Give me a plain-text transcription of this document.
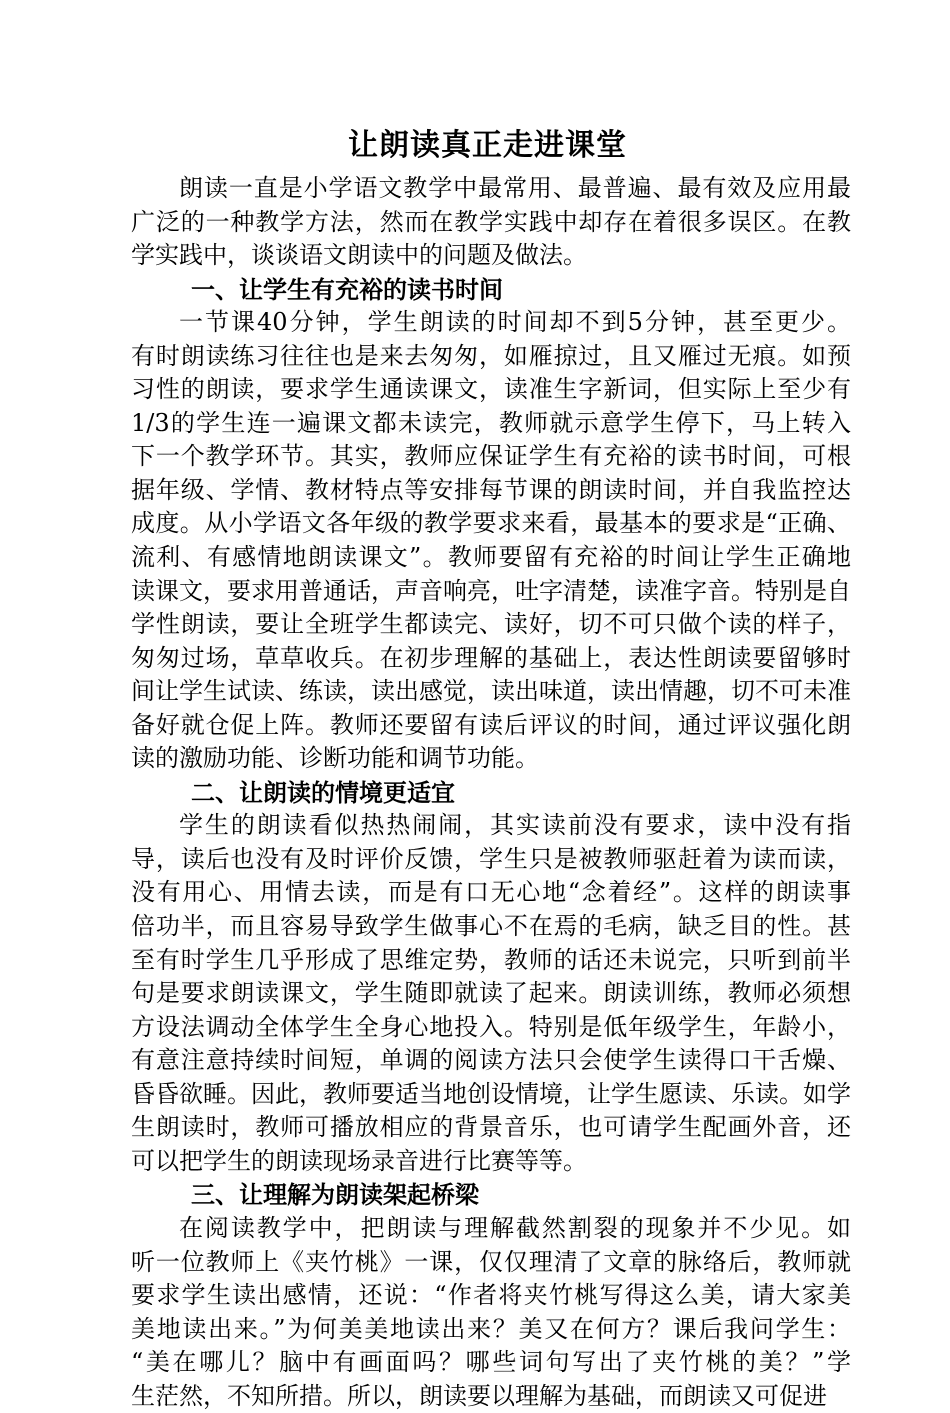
让朗读真正走进课堂
朗读一直是小学语文教学中最常用、最普遍、最有效及应用最
广泛的一种教学方法，然而在教学实践中却存在着很多误区。在教
学实践中，谈谈语文朗读中的问题及做法。
一、让学生有充裕的读书时间
一节课40分钟，学生朗读的时间却不到5分钟，甚至更少。
有时朗读练习往往也是来去匆匆，如雁掠过，且又雁过无痕。如预
习性的朗读，要求学生通读课文，读准生字新词，但实际上至少有
1/3的学生连一遍课文都未读完，教师就示意学生停下，马上转入
下一个教学环节。其实，教师应保证学生有充裕的读书时间，可根
据年级、学情、教材特点等安排每节课的朗读时间，并自我监控达
成度。从小学语文各年级的教学要求来看，最基本的要求是“正确、
流利、有感情地朗读课文”。教师要留有充裕的时间让学生正确地
读课文，要求用普通话，声音响亮，吐字清楚，读准字音。特别是自
学性朗读，要让全班学生都读完、读好，切不可只做个读的样子，
匆匆过场，草草收兵。在初步理解的基础上，表达性朗读要留够时
间让学生试读、练读，读出感觉，读出味道，读出情趣，切不可未准
备好就仓促上阵。教师还要留有读后评议的时间，通过评议强化朗
读的激励功能、诊断功能和调节功能。
二、让朗读的情境更适宜
学生的朗读看似热热闹闹，其实读前没有要求，读中没有指
导，读后也没有及时评价反馈，学生只是被教师驱赶着为读而读，
没有用心、用情去读，而是有口无心地“念着经”。这样的朗读事
倍功半，而且容易导致学生做事心不在焉的毛病，缺乏目的性。甚
至有时学生几乎形成了思维定势，教师的话还未说完，只听到前半
句是要求朗读课文，学生随即就读了起来。朗读训练，教师必须想
方设法调动全体学生全身心地投入。特别是低年级学生，年龄小，
有意注意持续时间短，单调的阅读方法只会使学生读得口干舌燥、
昏昏欲睡。因此，教师要适当地创设情境，让学生愿读、乐读。如学
生朗读时，教师可播放相应的背景音乐，也可请学生配画外音，还
可以把学生的朗读现场录音进行比赛等等。
三、让理解为朗读架起桥梁
在阅读教学中，把朗读与理解截然割裂的现象并不少见。如
听一位教师上《夹竹桃》一课，仅仅理清了文章的脉络后，教师就
要求学生读出感情，还说：“作者将夹竹桃写得这么美，请大家美
美地读出来。”为何美美地读出来？美又在何方？课后我问学生：
“美在哪儿？脑中有画面吗？哪些词句写出了夹竹桃的美？”学
生茫然，不知所措。所以，朗读要以理解为基础，而朗读又可促进
